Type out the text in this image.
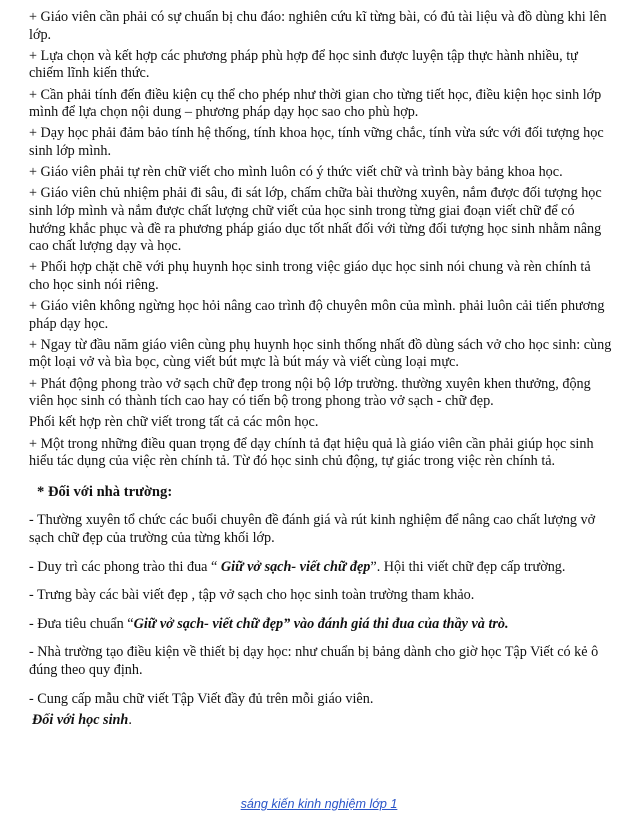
+ Giáo viên cần phải có sự chuẩn bị chu đáo: nghiên cứu kĩ từng bài, có đủ tài liệu và đồ dùng khi lên lớp.

+ Lựa chọn và kết hợp các phương pháp phù hợp để học sinh được luyện tập thực hành nhiều, tự chiếm lĩnh kiến thức.

+ Cần phải tính đến điều kiện cụ thể cho phép như thời gian cho từng tiết học, điều kiện học sinh lớp mình để lựa chọn nội dung – phương pháp dạy học sao cho phù hợp.

+ Dạy học phải đảm bảo tính hệ thống, tính khoa học, tính vững chắc, tính vừa sức với đối tượng học sinh lớp mình.

+ Giáo viên phải tự rèn chữ viết cho mình luôn có ý thức viết chữ và trình bày bảng khoa học.

+ Giáo viên chủ nhiệm phải đi sâu, đi sát lớp, chấm chữa bài thường xuyên, nắm được đối tượng học sinh lớp mình và nắm được chất lượng chữ viết của học sinh trong từng giai đoạn viết chữ để có hướng khắc phục và đề ra phương pháp giáo dục tốt nhất đối với từng đối tượng học sinh nhằm nâng cao chất lượng dạy và học.

+ Phối hợp chặt chẽ với phụ huynh học sinh trong việc giáo dục học sinh nói chung và rèn chính tả cho học sinh nói riêng.

+ Giáo viên không ngừng học hỏi nâng cao trình độ chuyên môn của mình. phải luôn cải tiến phương pháp dạy học.

+ Ngay từ đầu năm giáo viên cùng phụ huynh học sinh thống nhất đồ dùng sách vở cho học sinh: cùng một loại vở và bìa bọc, cùng viết bút mực là bút máy và viết cùng loại mực.

+ Phát động phong trào vở sạch chữ đẹp trong nội bộ lớp trường. thường xuyên khen thưởng, động viên học sinh có thành tích cao hay có tiến bộ trong phong trào vở sạch - chữ đẹp.

Phối kết hợp rèn chữ viết trong tất cả các môn học.

+ Một trong những điều quan trọng để dạy chính tả đạt hiệu quả là giáo viên cần phải giúp học sinh hiểu tác dụng của việc rèn chính tả. Từ đó học sinh chủ động, tự giác trong việc rèn chính tả.

* Đối với nhà trường:

- Thường xuyên tổ chức các buổi chuyên đề đánh giá và rút kinh nghiệm để nâng cao chất lượng vở sạch chữ đẹp của trường của từng khối lớp.

- Duy trì các phong trào thi đua “ Giữ vở sạch- viết chữ đẹp”. Hội thi viết chữ đẹp cấp trường.

- Trưng bày các bài viết đẹp , tập vở sạch cho học sinh toàn trường tham khảo.

- Đưa tiêu chuẩn “Giữ vở sạch- viết chữ đẹp” vào đánh giá thi đua của thầy và trò.

- Nhà trường tạo điều kiện về thiết bị dạy học: như chuẩn bị bảng dành cho giờ học Tập Viết có kẻ ô đúng theo quy định.

- Cung cấp mẫu chữ viết Tập Viết đầy đủ trên mỗi giáo viên.

Đối với học sinh.

sáng kiến kinh nghiệm lớp 1
